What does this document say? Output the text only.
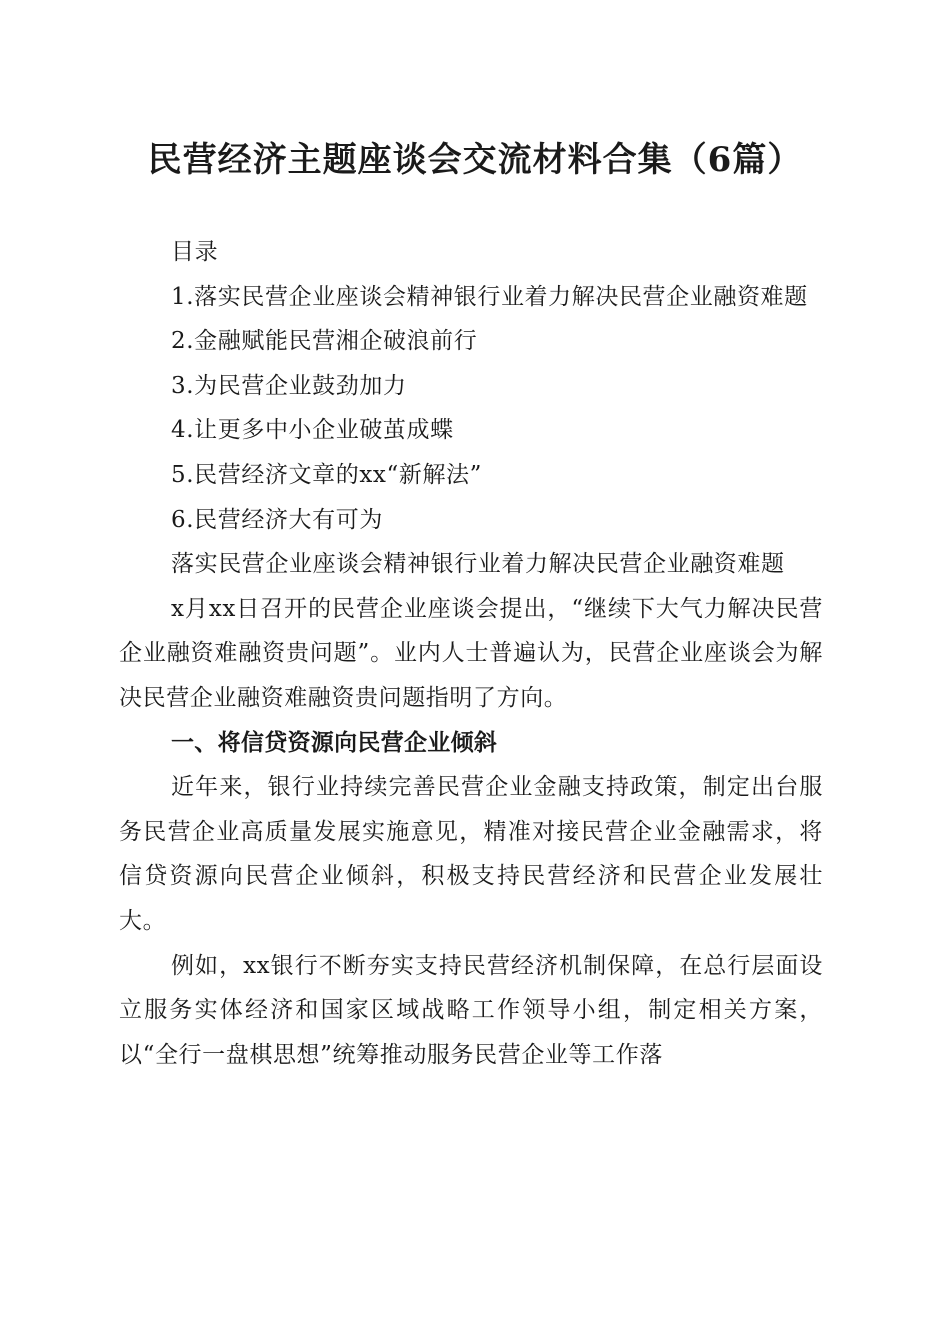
民营经济主题座谈会交流材料合集（6篇）

目录

1.落实民营企业座谈会精神银行业着力解决民营企业融资难题

2.金融赋能民营湘企破浪前行

3.为民营企业鼓劲加力

4.让更多中小企业破茧成蝶

5.民营经济文章的xx“新解法”

6.民营经济大有可为

落实民营企业座谈会精神银行业着力解决民营企业融资难题

x月xx日召开的民营企业座谈会提出，“继续下大气力解决民营企业融资难融资贵问题”。业内人士普遍认为，民营企业座谈会为解决民营企业融资难融资贵问题指明了方向。

一、将信贷资源向民营企业倾斜

近年来，银行业持续完善民营企业金融支持政策，制定出台服务民营企业高质量发展实施意见，精准对接民营企业金融需求，将信贷资源向民营企业倾斜，积极支持民营经济和民营企业发展壮大。

例如，xx银行不断夯实支持民营经济机制保障，在总行层面设立服务实体经济和国家区域战略工作领导小组，制定相关方案，以“全行一盘棋思想”统筹推动服务民营企业等工作落
